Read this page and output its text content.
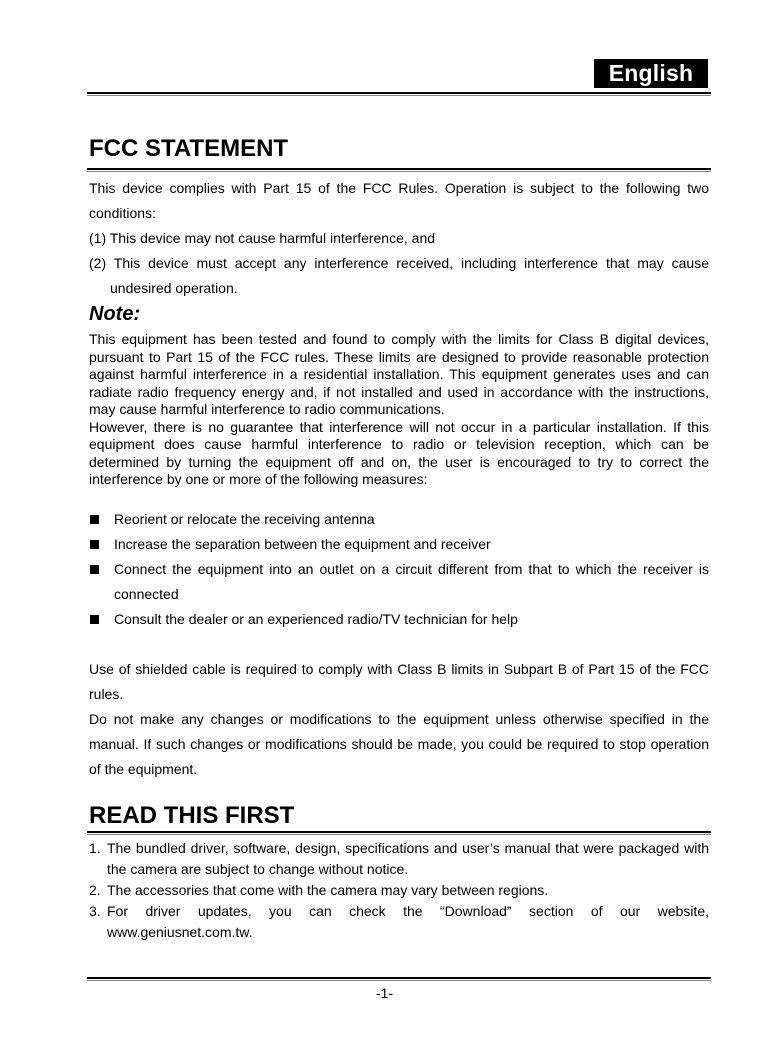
English
FCC STATEMENT

This device complies with Part 15 of the FCC Rules. Operation is subject to the following two conditions:

(1) This device may not cause harmful interference, and

(2) This device must accept any interference received, including interference that may cause undesired operation.

Note:

This equipment has been tested and found to comply with the limits for Class B digital devices, pursuant to Part 15 of the FCC rules. These limits are designed to provide reasonable protection against harmful interference in a residential installation. This equipment generates uses and can radiate radio frequency energy and, if not installed and used in accordance with the instructions, may cause harmful interference to radio communications.

However, there is no guarantee that interference will not occur in a particular installation. If this equipment does cause harmful interference to radio or television reception, which can be determined by turning the equipment off and on, the user is encouraged to try to correct the interference by one or more of the following measures:

Reorient or relocate the receiving antenna
Increase the separation between the equipment and receiver
Connect the equipment into an outlet on a circuit different from that to which the receiver is connected
Consult the dealer or an experienced radio/TV technician for help

Use of shielded cable is required to comply with Class B limits in Subpart B of Part 15 of the FCC rules.

Do not make any changes or modifications to the equipment unless otherwise specified in the manual. If such changes or modifications should be made, you could be required to stop operation of the equipment.

READ THIS FIRST
1. The bundled driver, software, design, specifications and user’s manual that were packaged with the camera are subject to change without notice.
2. The accessories that come with the camera may vary between regions.
3. For driver updates, you can check the “Download” section of our website, www.geniusnet.com.tw.
-1-
